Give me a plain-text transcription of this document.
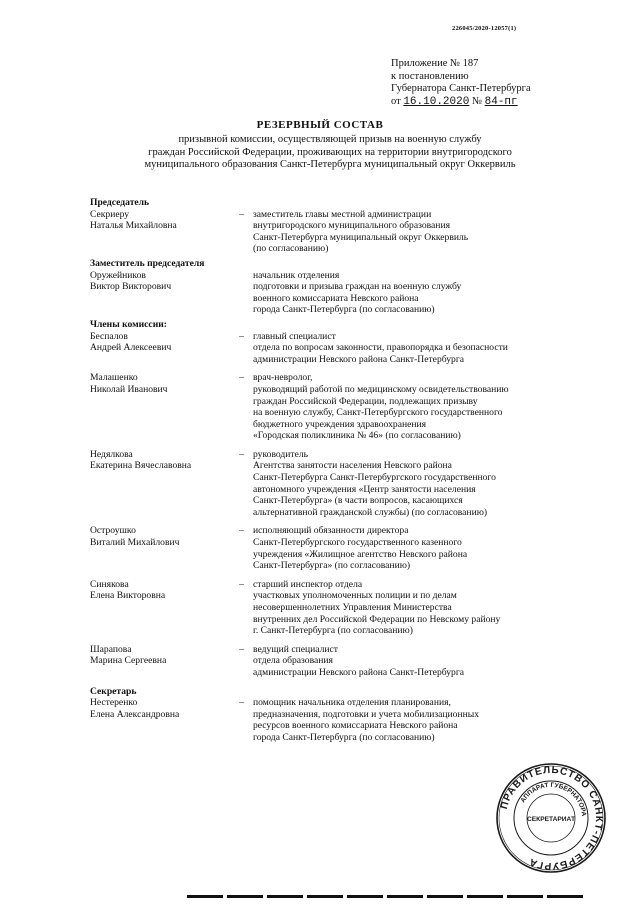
226045/2020-12057(1)
Приложение № 187
к постановлению
Губернатора Санкт-Петербурга
от 16.10.2020 № 84-пг
РЕЗЕРВНЫЙ СОСТАВ
призывной комиссии, осуществляющей призыв на военную службу
граждан Российской Федерации, проживающих на территории внутригородского
муниципального образования Санкт-Петербурга муниципальный округ Оккервиль
Председатель
Секриеру
Наталья Михайловна
– заместитель главы местной администрации
внутригородского муниципального образования
Санкт-Петербурга муниципальный округ Оккервиль
(по согласованию)
Заместитель председателя
Оружейников
Виктор Викторович
начальник отделения
подготовки и призыва граждан на военную службу
военного комиссариата Невского района
города Санкт-Петербурга (по согласованию)
Члены комиссии:
Беспалов
Андрей Алексеевич
– главный специалист
отдела по вопросам законности, правопорядка и безопасности
администрации Невского района Санкт-Петербурга
Малашенко
Николай Иванович
– врач-невролог,
руководящий работой по медицинскому освидетельствованию
граждан Российской Федерации, подлежащих призыву
на военную службу, Санкт-Петербургского государственного
бюджетного учреждения здравоохранения
«Городская поликлиника № 46» (по согласованию)
Недялкова
Екатерина Вячеславовна
– руководитель
Агентства занятости населения Невского района
Санкт-Петербурга Санкт-Петербургского государственного
автономного учреждения «Центр занятости населения
Санкт-Петербурга» (в части вопросов, касающихся
альтернативной гражданской службы) (по согласованию)
Остроушко
Виталий Михайлович
– исполняющий обязанности директора
Санкт-Петербургского государственного казенного
учреждения «Жилищное агентство Невского района
Санкт-Петербурга» (по согласованию)
Синякова
Елена Викторовна
– старший инспектор отдела
участковых уполномоченных полиции и по делам
несовершеннолетних Управления Министерства
внутренних дел Российской Федерации по Невскому району
г. Санкт-Петербурга (по согласованию)
Шарапова
Марина Сергеевна
– ведущий специалист
отдела образования
администрации Невского района Санкт-Петербурга
Секретарь
Нестеренко
Елена Александровна
– помощник начальника отделения планирования,
предназначения, подготовки и учета мобилизационных
ресурсов военного комиссариата Невского района
города Санкт-Петербурга (по согласованию)
ПРАВИТЕЛЬСТВО САНКТ-ПЕТЕРБУРГА
АППАРАТ ГУБЕРНАТОРА
СЕКРЕТАРИАТ
